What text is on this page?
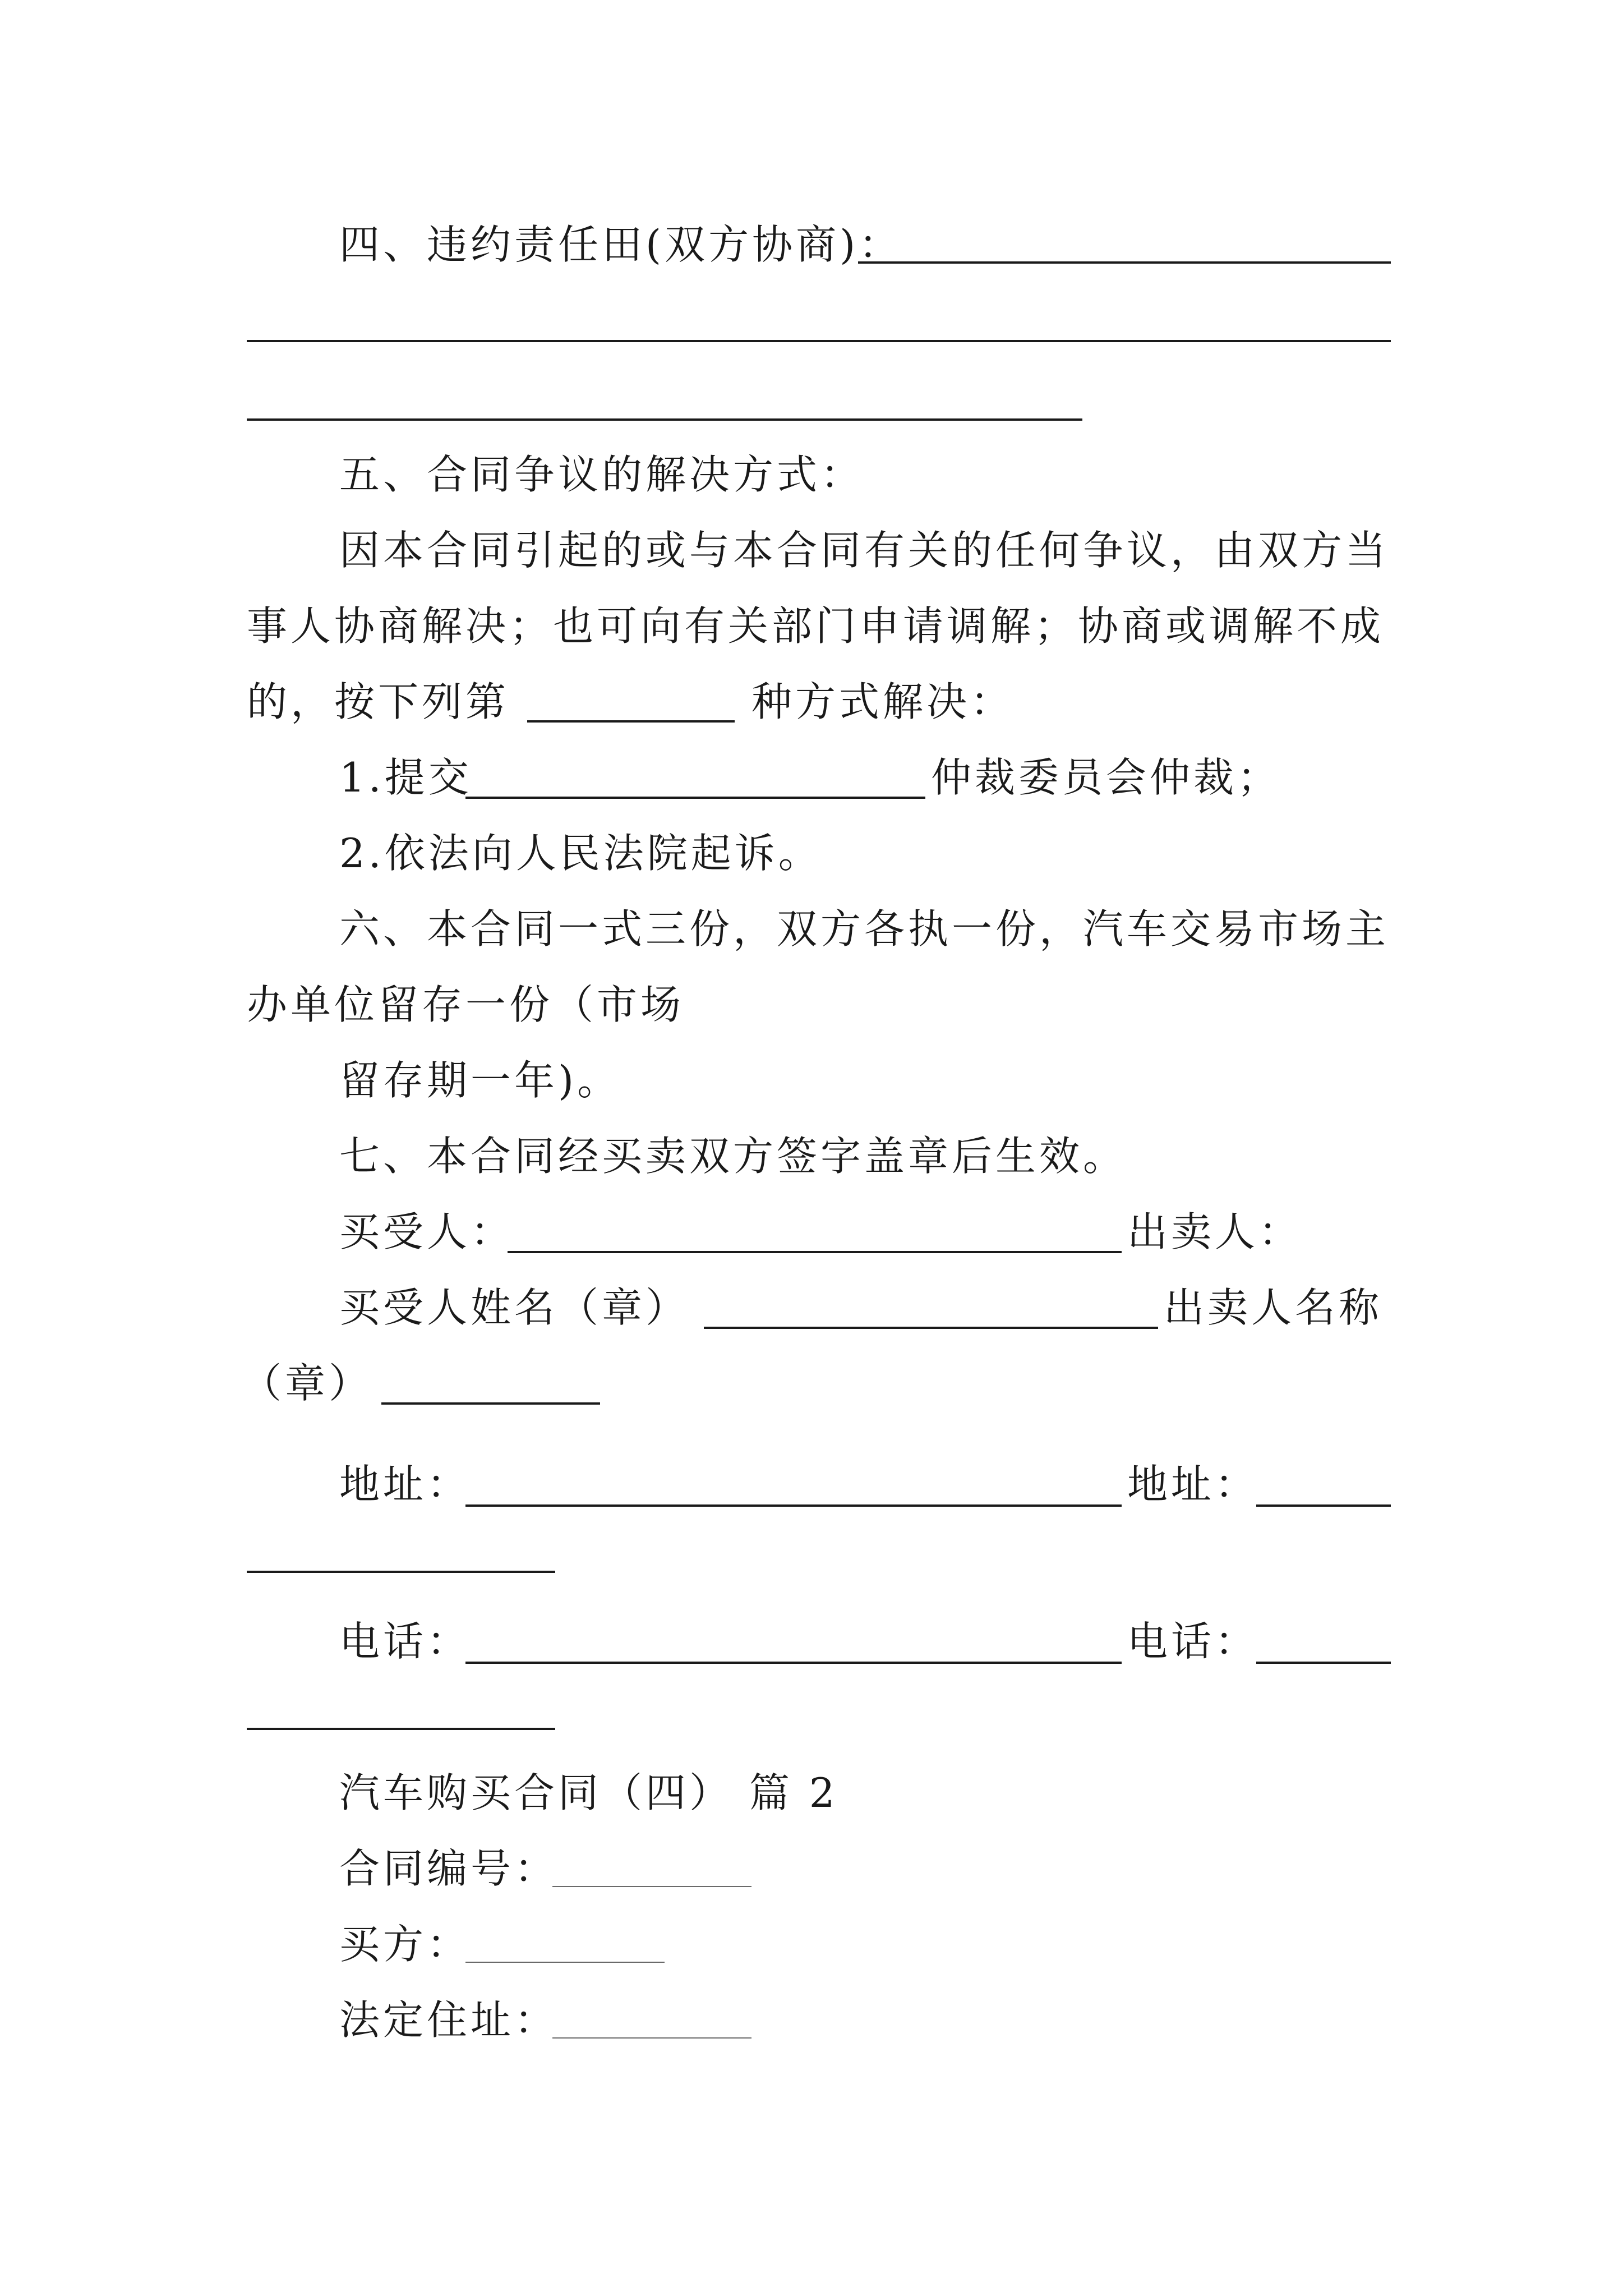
四、违约责任田(双方协商)：
五、合同争议的解决方式：
因本合同引起的或与本合同有关的任何争议，由双方当
事人协商解决；也可向有关部门申请调解；协商或调解不成
的，按下列第	种方式解决：
1.提交	仲裁委员会仲裁；
2.依法向人民法院起诉。
六、本合同一式三份，双方各执一份，汽车交易市场主
办单位留存一份（市场
留存期一年)。
七、本合同经买卖双方签字盖章后生效。
买受人：	出卖人：
买受人姓名（章）	出卖人名称
（章）
地址：	地址：
电话：	电话：
汽车购买合同（四） 篇 2
合同编号：
买方：
法定住址：
